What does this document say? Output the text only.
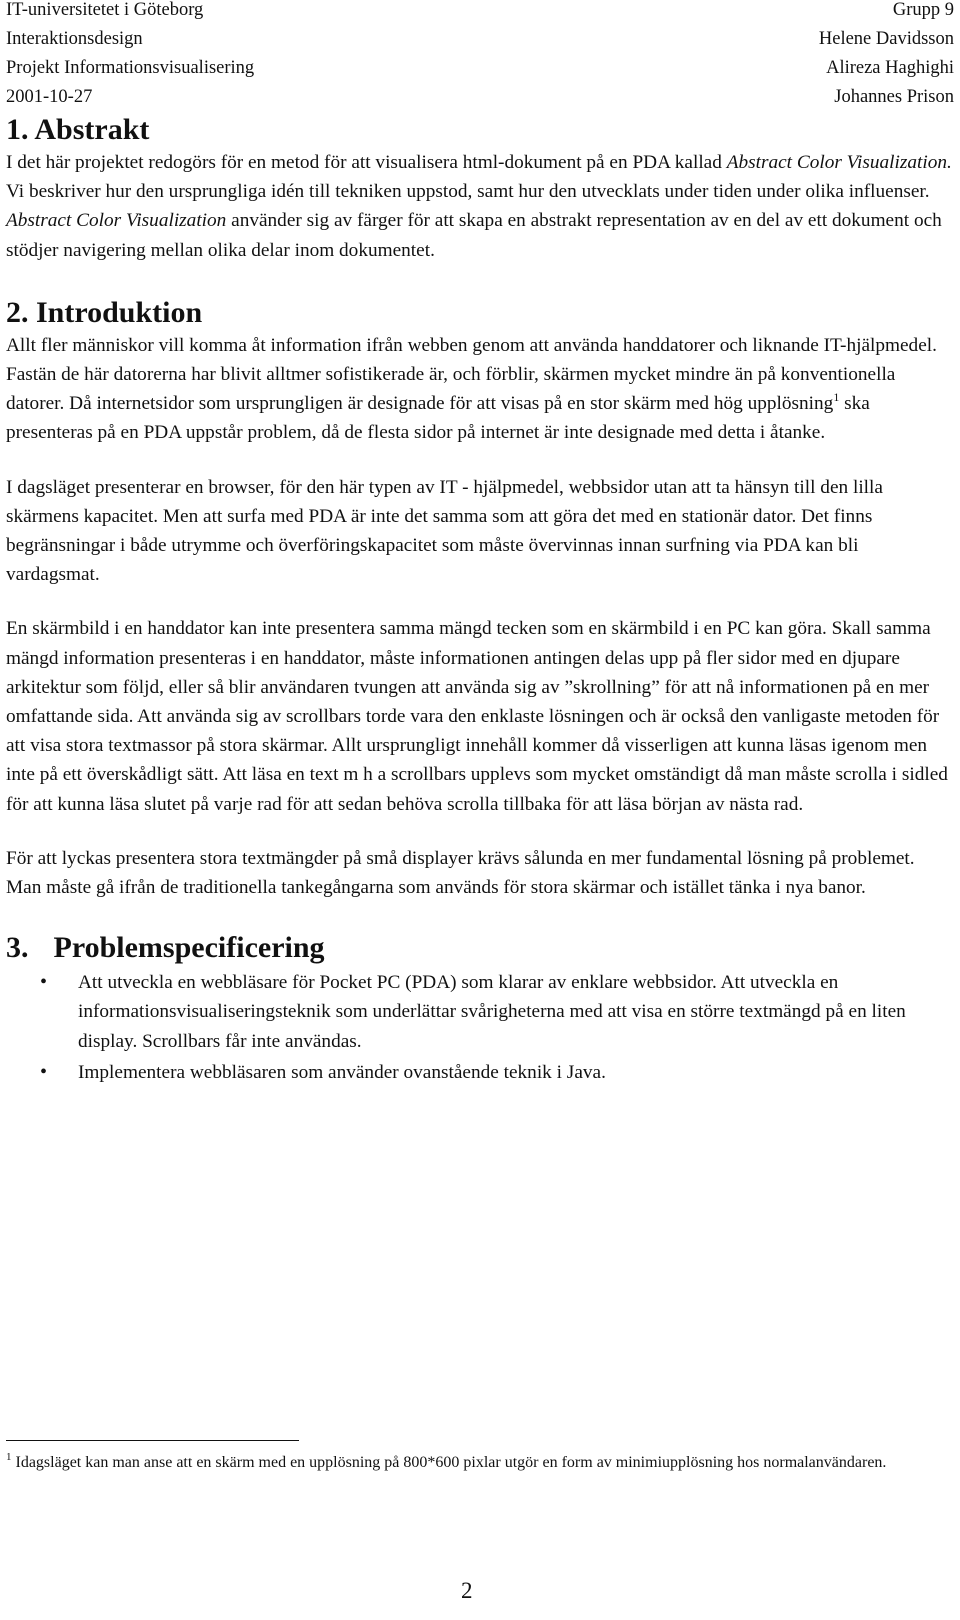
IT-universitetet i Göteborg
Interaktionsdesign
Projekt Informationsvisualisering
2001-10-27
Grupp 9
Helene Davidsson
Alireza Haghighi
Johannes Prison
1. Abstrakt

I det här projektet redogörs för en metod för att visualisera html-dokument på en PDA kallad Abstract Color Visualization. Vi beskriver hur den ursprungliga idén till tekniken uppstod, samt hur den utvecklats under tiden under olika influenser. Abstract Color Visualization använder sig av färger för att skapa en abstrakt representation av en del av ett dokument och stödjer navigering mellan olika delar inom dokumentet.

2. Introduktion

Allt fler människor vill komma åt information ifrån webben genom att använda handdatorer och liknande IT-hjälpmedel. Fastän de här datorerna har blivit alltmer sofistikerade är, och förblir, skärmen mycket mindre än på konventionella datorer. Då internetsidor som ursprungligen är designade för att visas på en stor skärm med hög upplösning$^1$ ska presenteras på en PDA uppstår problem, då de flesta sidor på internet är inte designade med detta i åtanke.

I dagsläget presenterar en browser, för den här typen av IT - hjälpmedel, webbsidor utan att ta hänsyn till den lilla skärmens kapacitet. Men att surfa med PDA är inte det samma som att göra det med en stationär dator. Det finns begränsningar i både utrymme och överföringskapacitet som måste övervinnas innan surfning via PDA kan bli vardagsmat.

En skärmbild i en handdator kan inte presentera samma mängd tecken som en skärmbild i en PC kan göra. Skall samma mängd information presenteras i en handdator, måste informationen antingen delas upp på fler sidor med en djupare arkitektur som följd, eller så blir användaren tvungen att använda sig av ”skrollning” för att nå informationen på en mer omfattande sida. Att använda sig av scrollbars torde vara den enklaste lösningen och är också den vanligaste metoden för att visa stora textmassor på stora skärmar. Allt ursprungligt innehåll kommer då visserligen att kunna läsas igenom men inte på ett överskådligt sätt. Att läsa en text m h a scrollbars upplevs som mycket omständigt då man måste scrolla i sidled för att kunna läsa slutet på varje rad för att sedan behöva scrolla tillbaka för att läsa början av nästa rad.

För att lyckas presentera stora textmängder på små displayer krävs sålunda en mer fundamental lösning på problemet. Man måste gå ifrån de traditionella tankegångarna som används för stora skärmar och istället tänka i nya banor.

3. Problemspecificering
• Att utveckla en webbläsare för Pocket PC (PDA) som klarar av enklare webbsidor. Att utveckla en informationsvisualiseringsteknik som underlättar svårigheterna med att visa en större textmängd på en liten display. Scrollbars får inte användas.
• Implementera webbläsaren som använder ovanstående teknik i Java.
$^1$ Idagsläget kan man anse att en skärm med en upplösning på 800*600 pixlar utgör en form av minimiupplösning hos normalanvändaren.
2
